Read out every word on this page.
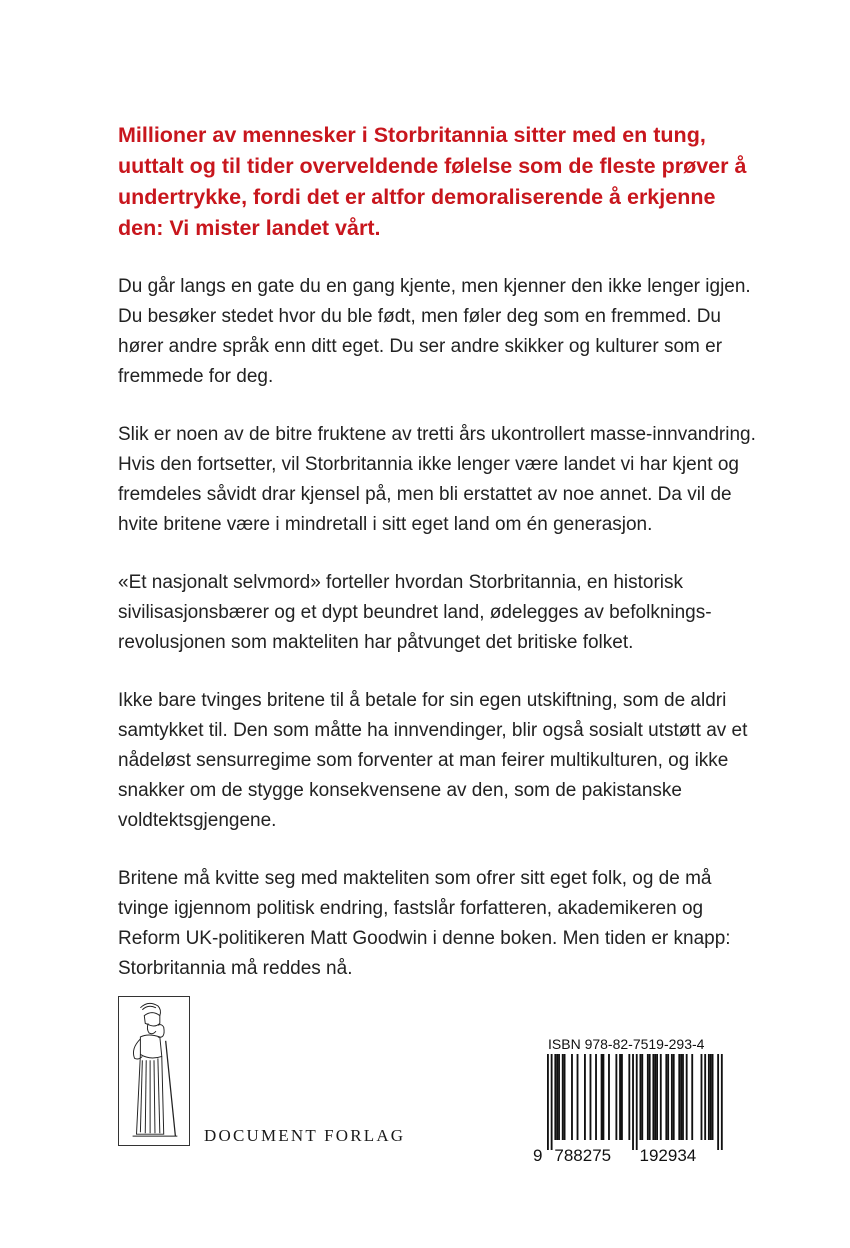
Millioner av mennesker i Storbritannia sitter med en tung, uuttalt og til tider overveldende følelse som de fleste prøver å undertrykke, fordi det er altfor demoraliserende å erkjenne den: Vi mister landet vårt.

Du går langs en gate du en gang kjente, men kjenner den ikke lenger igjen. Du besøker stedet hvor du ble født, men føler deg som en fremmed. Du hører andre språk enn ditt eget. Du ser andre skikker og kulturer som er fremmede for deg.

Slik er noen av de bitre fruktene av tretti års ukontrollert masse-innvandring. Hvis den fortsetter, vil Storbritannia ikke lenger være landet vi har kjent og fremdeles såvidt drar kjensel på, men bli erstattet av noe annet. Da vil de hvite britene være i mindretall i sitt eget land om én generasjon.

«Et nasjonalt selvmord» forteller hvordan Storbritannia, en historisk sivilisasjonsbærer og et dypt beundret land, ødelegges av befolknings-revolusjonen som makteliten har påtvunget det britiske folket.

Ikke bare tvinges britene til å betale for sin egen utskiftning, som de aldri samtykket til. Den som måtte ha innvendinger, blir også sosialt utstøtt av et nådeløst sensurregime som forventer at man feirer multikulturen, og ikke snakker om de stygge konsekvensene av den, som de pakistanske voldtektsgjengene.

Britene må kvitte seg med makteliten som ofrer sitt eget folk, og de må tvinge igjennom politisk endring, fastslår forfatteren, akademikeren og Reform UK-politikeren Matt Goodwin i denne boken. Men tiden er knapp: Storbritannia må reddes nå.

DOCUMENT FORLAG
ISBN 978-82-7519-293-4
9 788275 192934
